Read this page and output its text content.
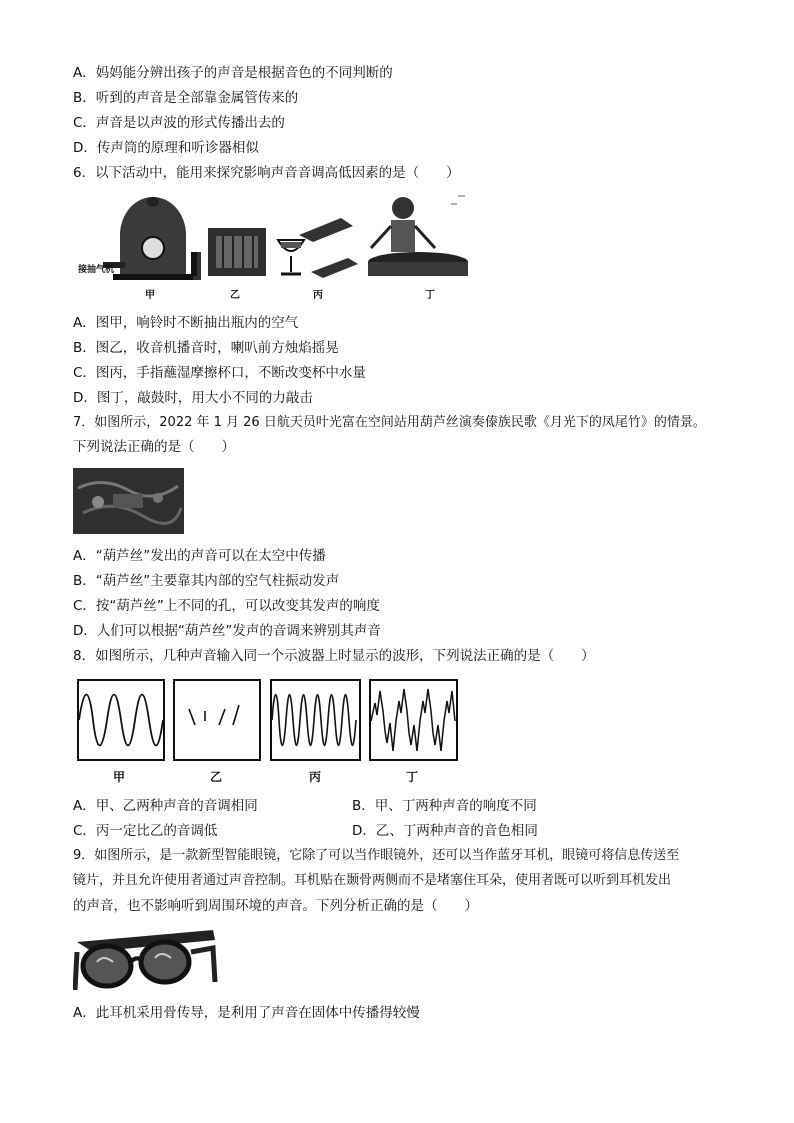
A．妈妈能分辨出孩子的声音是根据音色的不同判断的
B．听到的声音是全部靠金属管传来的
C．声音是以声波的形式传播出去的
D．传声筒的原理和听诊器相似
6．以下活动中，能用来探究影响声音音调高低因素的是（　　）
接抽气机
甲	乙	丙	丁
A．图甲，响铃时不断抽出瓶内的空气
B．图乙，收音机播音时，喇叭前方烛焰摇晃
C．图丙，手指蘸湿摩擦杯口，不断改变杯中水量
D．图丁，敲鼓时，用大小不同的力敲击
7．如图所示，2022 年 1 月 26 日航天员叶光富在空间站用葫芦丝演奏傣族民歌《月光下的凤尾竹》的情景。
下列说法正确的是（　　）
A．“葫芦丝”发出的声音可以在太空中传播
B．“葫芦丝”主要靠其内部的空气柱振动发声
C．按“葫芦丝”上不同的孔，可以改变其发声的响度
D．人们可以根据“葫芦丝”发声的音调来辨别其声音
8．如图所示，几种声音输入同一个示波器上时显示的波形，下列说法正确的是（　　）
甲	乙	丙	丁
A．甲、乙两种声音的音调相同	B．甲、丁两种声音的响度不同
C．丙一定比乙的音调低	D．乙、丁两种声音的音色相同
9．如图所示，是一款新型智能眼镜，它除了可以当作眼镜外，还可以当作蓝牙耳机，眼镜可将信息传送至
镜片，并且允许使用者通过声音控制。耳机贴在颞骨两侧而不是堵塞住耳朵，使用者既可以听到耳机发出
的声音，也不影响听到周围环境的声音。下列分析正确的是（　　）
A．此耳机采用骨传导，是利用了声音在固体中传播得较慢
